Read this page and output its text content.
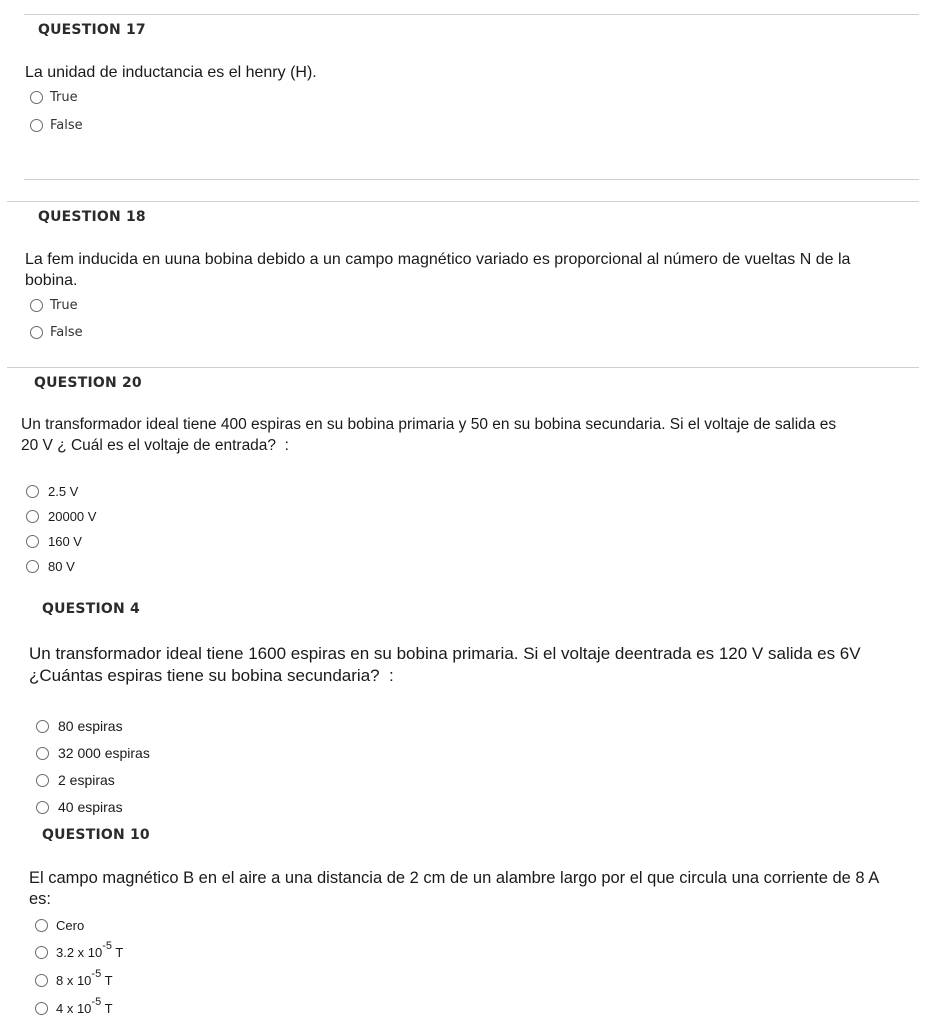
QUESTION 17
La unidad de inductancia es el henry (H).
True
False
QUESTION 18
La fem inducida en uuna bobina debido a un campo magnético variado es proporcional al número de vueltas N de la
bobina.
True
False
QUESTION 20
Un transformador ideal tiene 400 espiras en su bobina primaria y 50 en su bobina secundaria. Si el voltaje de salida es
20 V ¿ Cuál es el voltaje de entrada?  :
2.5 V
20000 V
160 V
80 V
QUESTION 4
Un transformador ideal tiene 1600 espiras en su bobina primaria. Si el voltaje deentrada es 120 V salida es 6V
¿Cuántas espiras tiene su bobina secundaria?  :
80 espiras
32 000 espiras
2 espiras
40 espiras
QUESTION 10
El campo magnético B en el aire a una distancia de 2 cm de un alambre largo por el que circula una corriente de 8 A
es:
Cero
3.2 x $10^{-5}$ T
8 x $10^{-5}$ T
4 x $10^{-5}$ T
